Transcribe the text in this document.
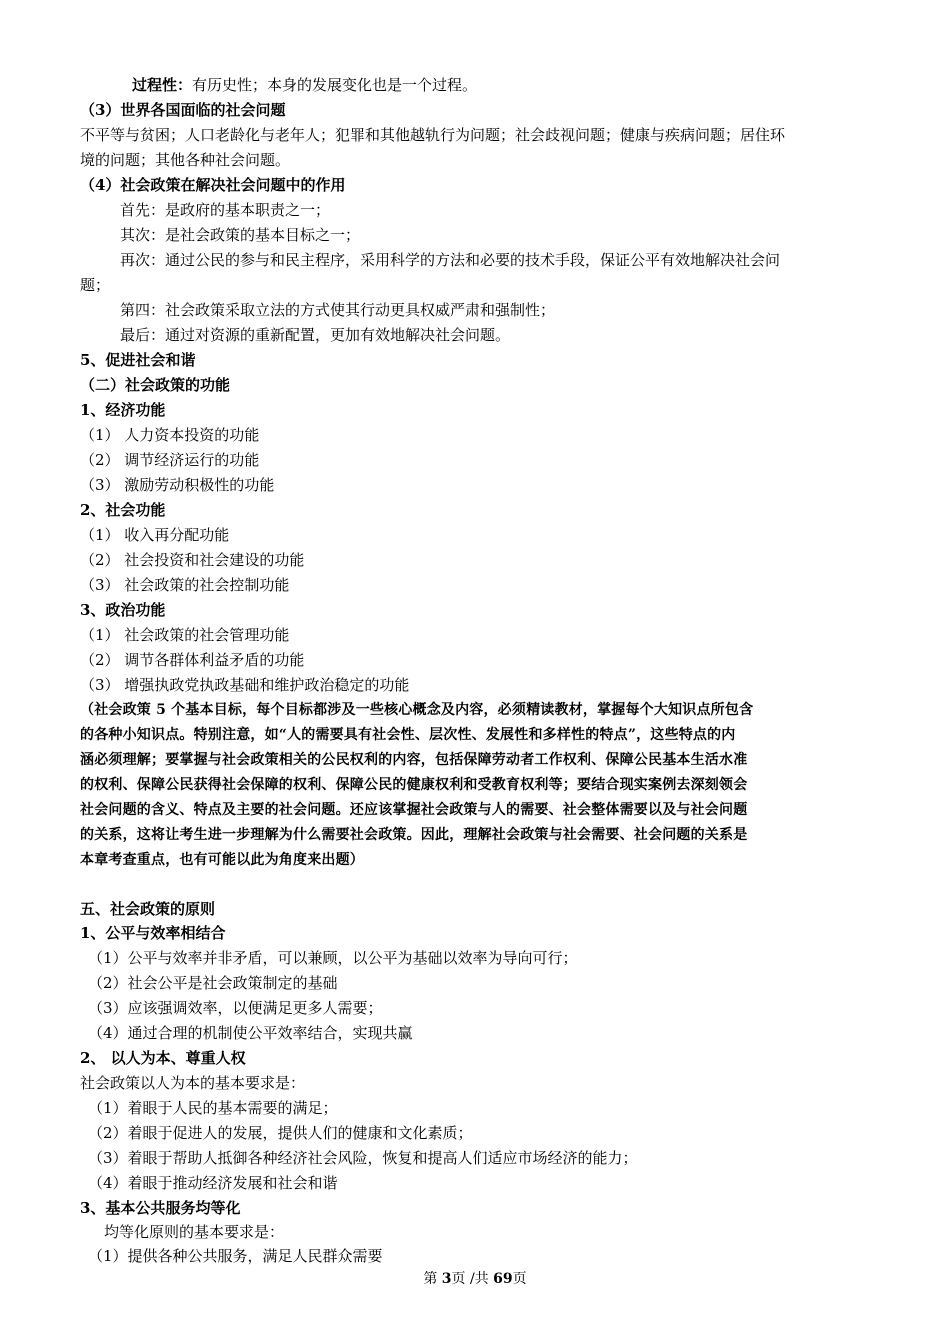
过程性：有历史性；本身的发展变化也是一个过程。
（3）世界各国面临的社会问题
不平等与贫困；人口老龄化与老年人；犯罪和其他越轨行为问题；社会歧视问题；健康与疾病问题；居住环
境的问题；其他各种社会问题。
（4）社会政策在解决社会问题中的作用
首先：是政府的基本职责之一；
其次：是社会政策的基本目标之一；
再次：通过公民的参与和民主程序，采用科学的方法和必要的技术手段，保证公平有效地解决社会问
题；
第四：社会政策采取立法的方式使其行动更具权威严肃和强制性；
最后：通过对资源的重新配置，更加有效地解决社会问题。
5、促进社会和谐
（二）社会政策的功能
1、经济功能
（1） 人力资本投资的功能
（2） 调节经济运行的功能
（3） 激励劳动积极性的功能
2、社会功能
（1） 收入再分配功能
（2） 社会投资和社会建设的功能
（3） 社会政策的社会控制功能
3、政治功能
（1） 社会政策的社会管理功能
（2） 调节各群体利益矛盾的功能
（3） 增强执政党执政基础和维护政治稳定的功能
（社会政策 5 个基本目标，每个目标都涉及一些核心概念及内容，必须精读教材，掌握每个大知识点所包含
的各种小知识点。特别注意，如“人的需要具有社会性、层次性、发展性和多样性的特点”，这些特点的内
涵必须理解；要掌握与社会政策相关的公民权利的内容，包括保障劳动者工作权利、保障公民基本生活水准
的权利、保障公民获得社会保障的权利、保障公民的健康权利和受教育权利等；要结合现实案例去深刻领会
社会问题的含义、特点及主要的社会问题。还应该掌握社会政策与人的需要、社会整体需要以及与社会问题
的关系，这将让考生进一步理解为什么需要社会政策。因此，理解社会政策与社会需要、社会问题的关系是
本章考查重点，也有可能以此为角度来出题）
五、社会政策的原则
1、公平与效率相结合
（1）公平与效率并非矛盾，可以兼顾，以公平为基础以效率为导向可行；
（2）社会公平是社会政策制定的基础
（3）应该强调效率，以便满足更多人需要；
（4）通过合理的机制使公平效率结合，实现共赢
2、 以人为本、尊重人权
社会政策以人为本的基本要求是：
（1）着眼于人民的基本需要的满足；
（2）着眼于促进人的发展，提供人们的健康和文化素质；
（3）着眼于帮助人抵御各种经济社会风险，恢复和提高人们适应市场经济的能力；
（4）着眼于推动经济发展和社会和谐
3、基本公共服务均等化
均等化原则的基本要求是：
（1）提供各种公共服务，满足人民群众需要
第 3页 /共 69页
